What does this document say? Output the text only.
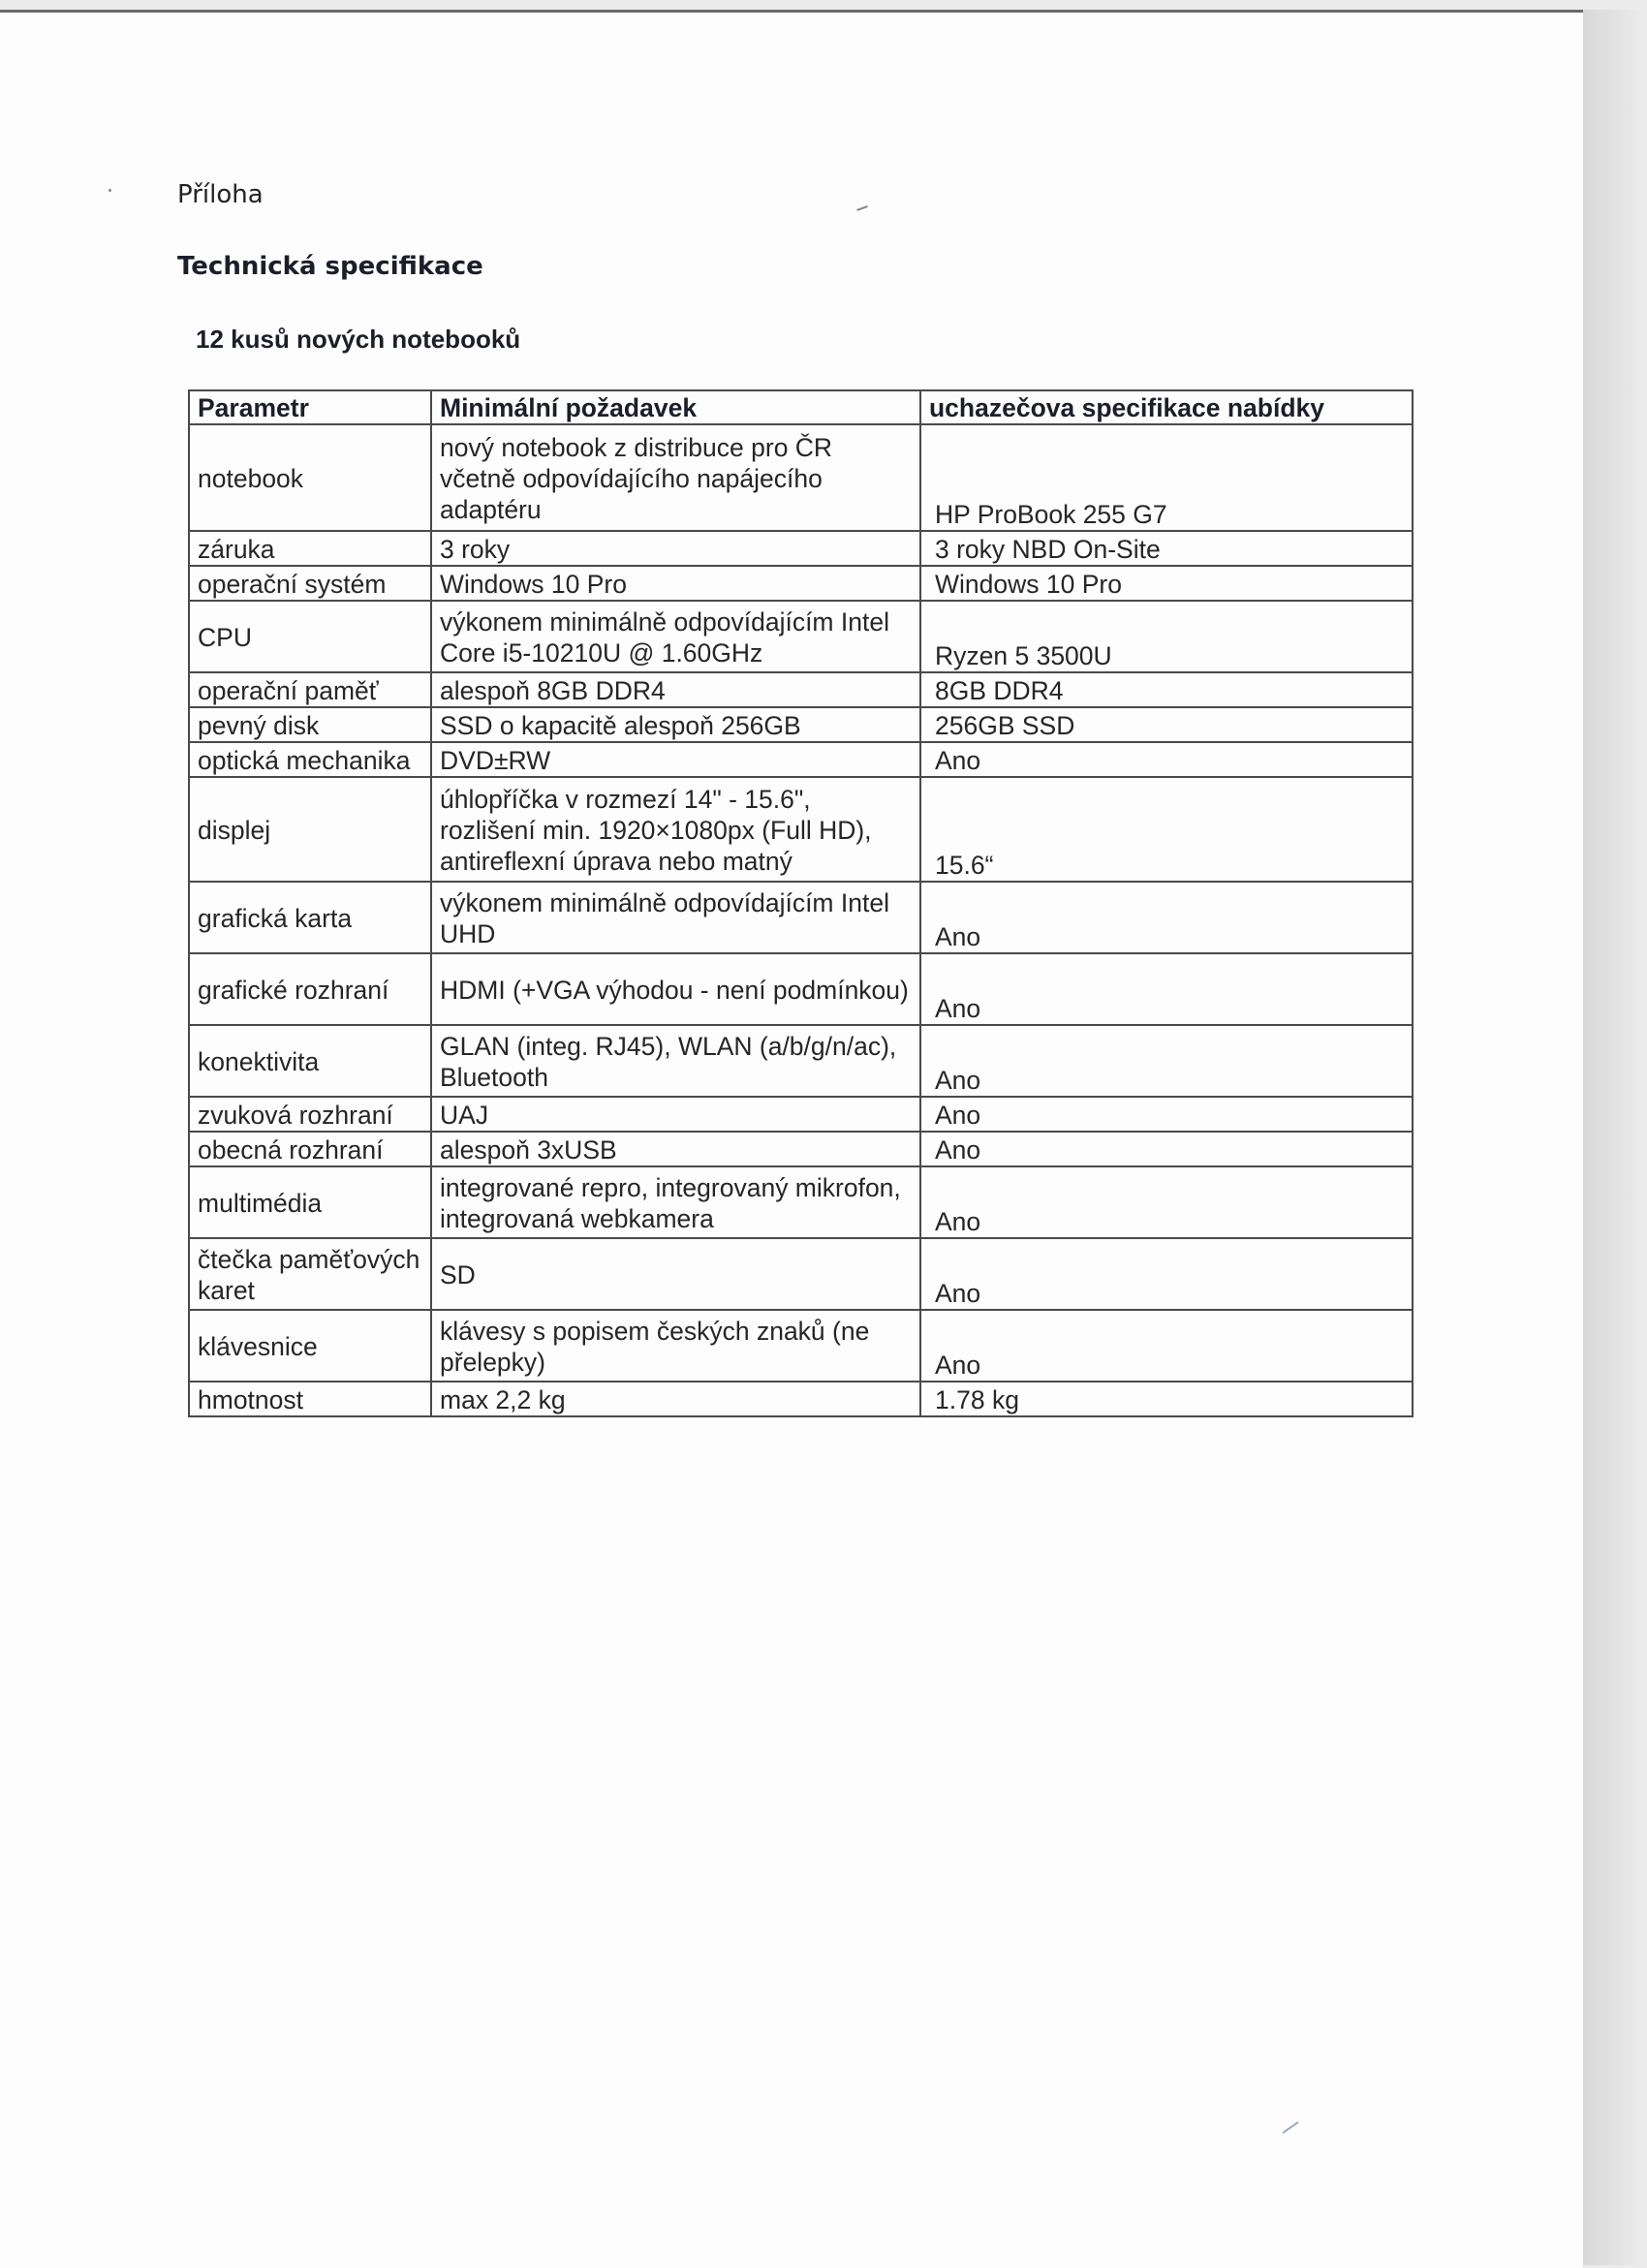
Příloha
Technická specifikace
12 kusů nových notebooků
Parametr	Minimální požadavek	uchazečova specifikace nabídky
notebook	nový notebook z distribuce pro ČR včetně odpovídajícího napájecího adaptéru	HP ProBook 255 G7
záruka	3 roky	3 roky NBD On-Site
operační systém	Windows 10 Pro	Windows 10 Pro
CPU	výkonem minimálně odpovídajícím Intel Core i5-10210U @ 1.60GHz	Ryzen 5 3500U
operační paměť	alespoň 8GB DDR4	8GB DDR4
pevný disk	SSD o kapacitě alespoň 256GB	256GB SSD
optická mechanika	DVD±RW	Ano
displej	úhlopříčka v rozmezí 14" - 15.6", rozlišení min. 1920×1080px (Full HD), antireflexní úprava nebo matný	15.6“
grafická karta	výkonem minimálně odpovídajícím Intel UHD	Ano
grafické rozhraní	HDMI (+VGA výhodou - není podmínkou)	Ano
konektivita	GLAN (integ. RJ45), WLAN (a/b/g/n/ac), Bluetooth	Ano
zvuková rozhraní	UAJ	Ano
obecná rozhraní	alespoň 3xUSB	Ano
multimédia	integrované repro, integrovaný mikrofon, integrovaná webkamera	Ano
čtečka paměťových karet	SD	Ano
klávesnice	klávesy s popisem českých znaků (ne přelepky)	Ano
hmotnost	max 2,2 kg	1.78 kg
